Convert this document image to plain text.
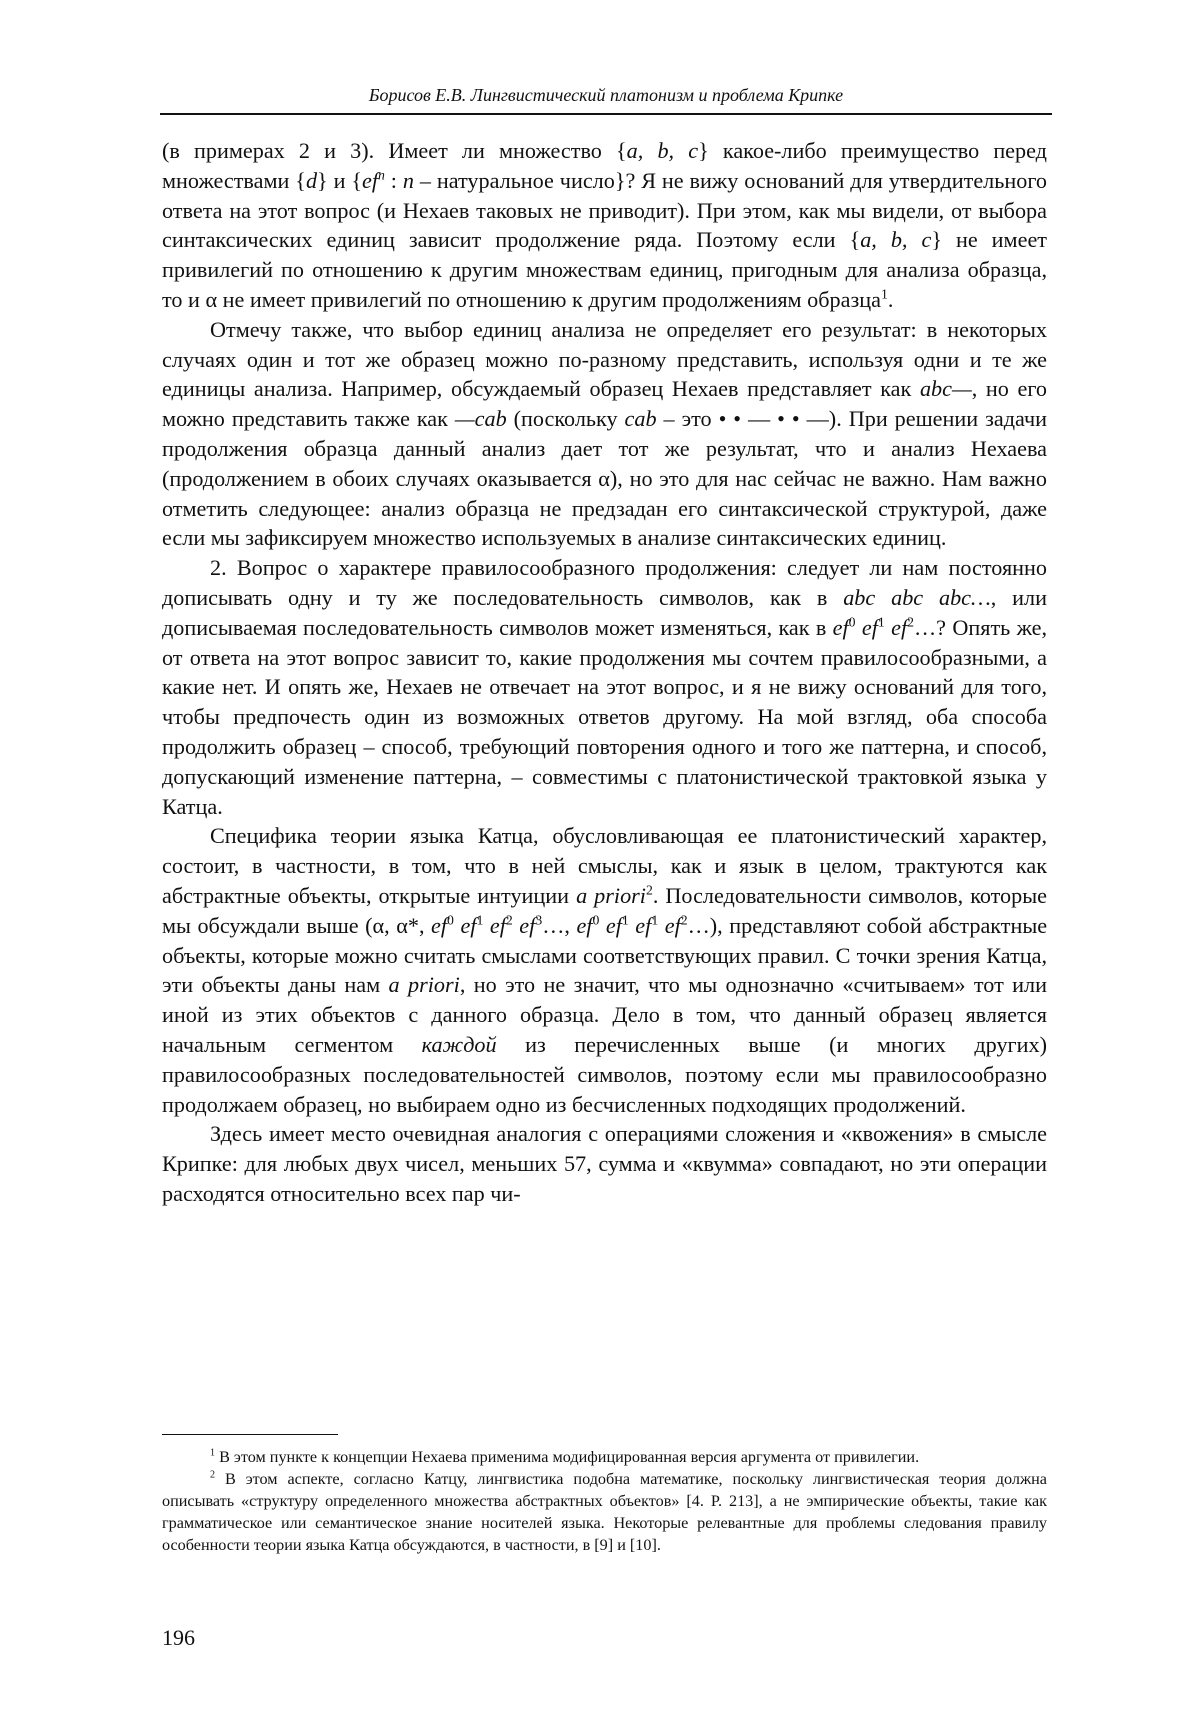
Борисов Е.В. Лингвистический платонизм и проблема Крипке

(в примерах 2 и 3). Имеет ли множество {a, b, c} какое-либо преимущество перед множествами {d} и {$ef^n$ : n – натуральное число}? Я не вижу оснований для утвердительного ответа на этот вопрос (и Нехаев таковых не приводит). При этом, как мы видели, от выбора синтаксических единиц зависит продолжение ряда. Поэтому если {a, b, c} не имеет привилегий по отношению к другим множествам единиц, пригодным для анализа образца, то и α не имеет привилегий по отношению к другим продолжениям образца$^1$.

Отмечу также, что выбор единиц анализа не определяет его результат: в некоторых случаях один и тот же образец можно по-разному представить, используя одни и те же единицы анализа. Например, обсуждаемый образец Нехаев представляет как abc—, но его можно представить также как —cab (поскольку cab – это • • — • • —). При решении задачи продолжения образца данный анализ дает тот же результат, что и анализ Нехаева (продолжением в обоих случаях оказывается α), но это для нас сейчас не важно. Нам важно отметить следующее: анализ образца не предзадан его синтаксической структурой, даже если мы зафиксируем множество используемых в анализе синтаксических единиц.

2. Вопрос о характере правилосообразного продолжения: следует ли нам постоянно дописывать одну и ту же последовательность символов, как в abc abc abc…, или дописываемая последовательность символов может изменяться, как в $ef^0$ $ef^1$ $ef^2\dots$? Опять же, от ответа на этот вопрос зависит то, какие продолжения мы сочтем правилосообразными, а какие нет. И опять же, Нехаев не отвечает на этот вопрос, и я не вижу оснований для того, чтобы предпочесть один из возможных ответов другому. На мой взгляд, оба способа продолжить образец – способ, требующий повторения одного и того же паттерна, и способ, допускающий изменение паттерна, – совместимы с платонистической трактовкой языка у Катца.

Специфика теории языка Катца, обусловливающая ее платонистический характер, состоит, в частности, в том, что в ней смыслы, как и язык в целом, трактуются как абстрактные объекты, открытые интуиции a priori$^2$. Последовательности символов, которые мы обсуждали выше (α, α*, $ef^0$ $ef^1$ $ef^2$ $ef^3\dots$, $ef^0$ $ef^1$ $ef^1$ $ef^2\dots$), представляют собой абстрактные объекты, которые можно считать смыслами соответствующих правил. С точки зрения Катца, эти объекты даны нам a priori, но это не значит, что мы однозначно «считываем» тот или иной из этих объектов с данного образца. Дело в том, что данный образец является начальным сегментом каждой из перечисленных выше (и многих других) правилосообразных последовательностей символов, поэтому если мы правилосообразно продолжаем образец, но выбираем одно из бесчисленных подходящих продолжений.

Здесь имеет место очевидная аналогия с операциями сложения и «квожения» в смысле Крипке: для любых двух чисел, меньших 57, сумма и «квумма» совпадают, но эти операции расходятся относительно всех пар чи-

$^1$ В этом пункте к концепции Нехаева применима модифицированная версия аргумента от привилегии.

$^2$ В этом аспекте, согласно Катцу, лингвистика подобна математике, поскольку лингвистическая теория должна описывать «структуру определенного множества абстрактных объектов» [4. P. 213], а не эмпирические объекты, такие как грамматическое или семантическое знание носителей языка. Некоторые релевантные для проблемы следования правилу особенности теории языка Катца обсуждаются, в частности, в [9] и [10].

196
